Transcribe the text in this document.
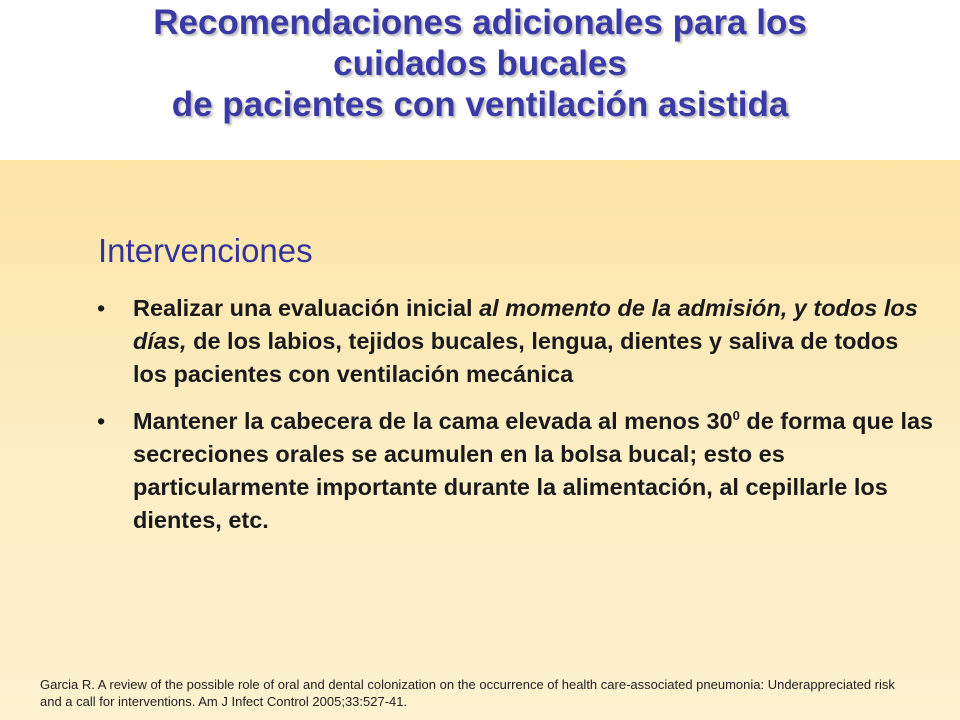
Recomendaciones adicionales para los
cuidados bucales
de pacientes con ventilación asistida
Intervenciones
• Realizar una evaluación inicial al momento de la admisión, y todos los días, de los labios, tejidos bucales, lengua, dientes y saliva de todos los pacientes con ventilación mecánica
• Mantener la cabecera de la cama elevada al menos $30^0$ de forma que las secreciones orales se acumulen en la bolsa bucal; esto es particularmente importante durante la alimentación, al cepillarle los dientes, etc.

Garcia R. A review of the possible role of oral and dental colonization on the occurrence of health care-associated pneumonia: Underappreciated risk and a call for interventions. Am J Infect Control 2005;33:527-41.
